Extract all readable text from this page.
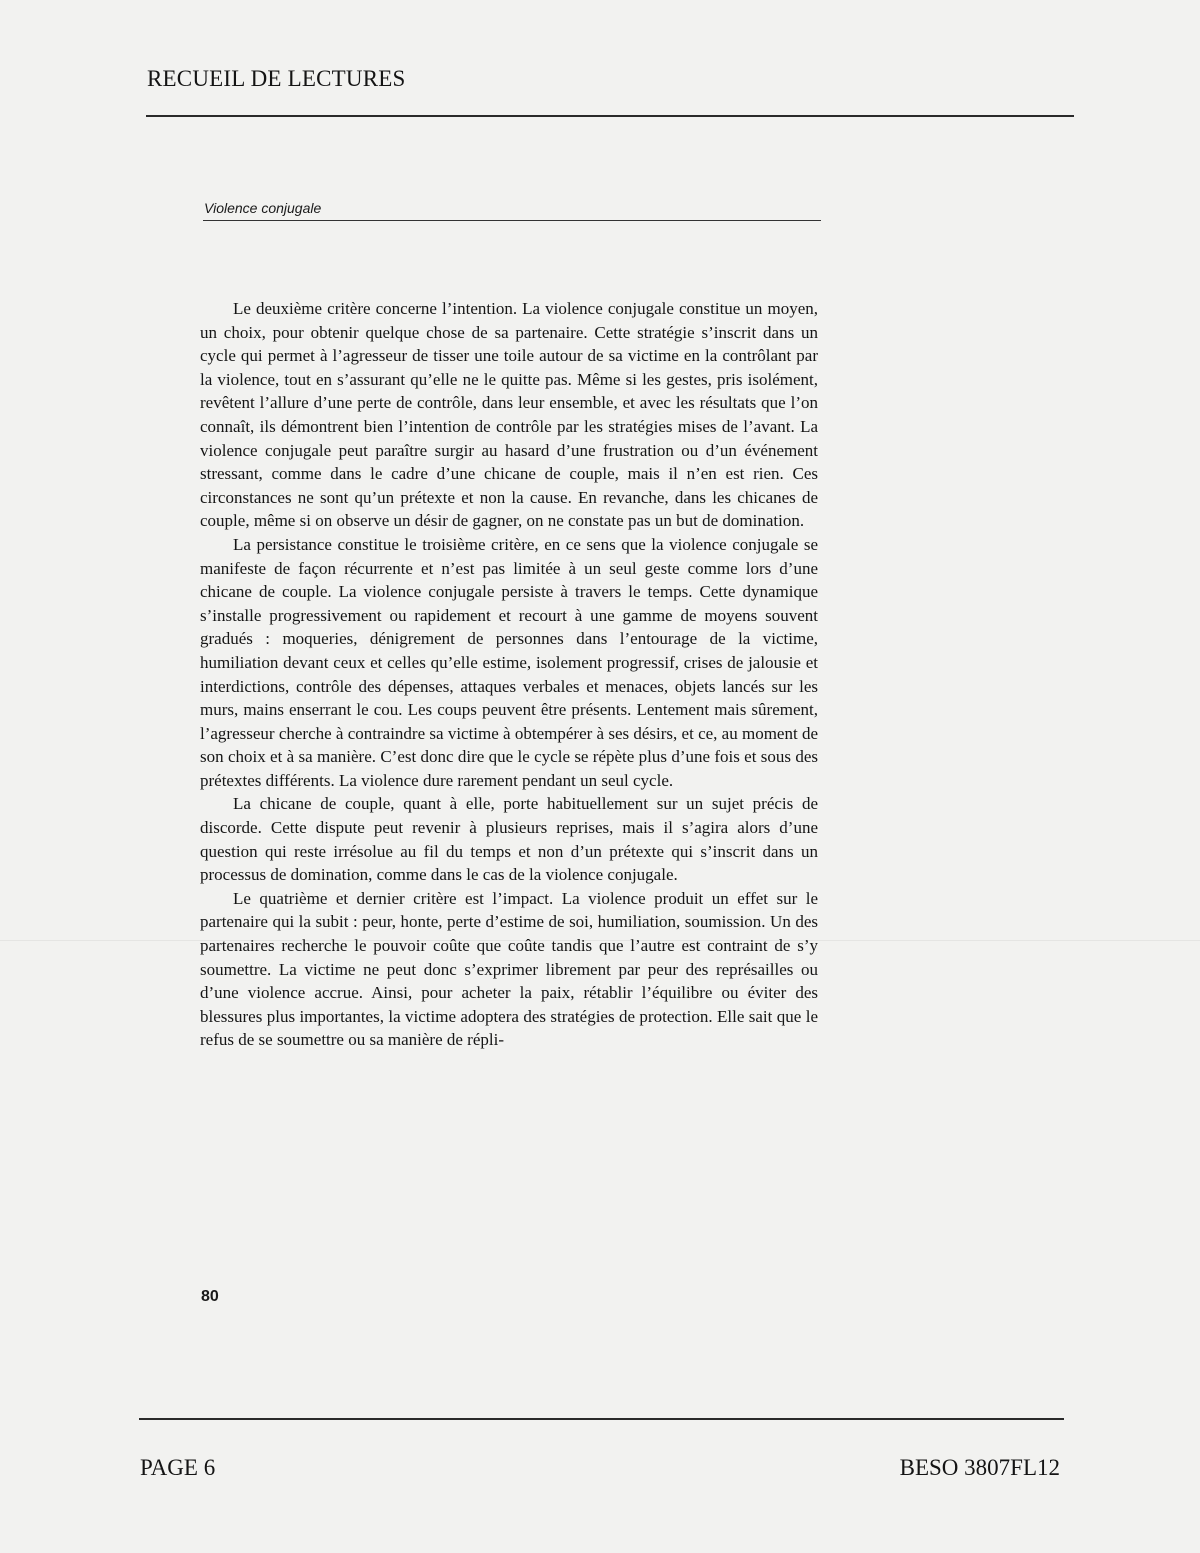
RECUEIL DE LECTURES
Violence conjugale

Le deuxième critère concerne l’intention. La violence conjugale constitue un moyen, un choix, pour obtenir quelque chose de sa partenaire. Cette stratégie s’inscrit dans un cycle qui permet à l’agresseur de tisser une toile autour de sa victime en la contrôlant par la violence, tout en s’assurant qu’elle ne le quitte pas. Même si les gestes, pris isolément, revêtent l’allure d’une perte de contrôle, dans leur ensemble, et avec les résultats que l’on connaît, ils démontrent bien l’intention de contrôle par les stratégies mises de l’avant. La violence conjugale peut paraître surgir au hasard d’une frustration ou d’un événement stressant, comme dans le cadre d’une chicane de couple, mais il n’en est rien. Ces circonstances ne sont qu’un prétexte et non la cause. En revanche, dans les chicanes de couple, même si on observe un désir de gagner, on ne constate pas un but de domination.

La persistance constitue le troisième critère, en ce sens que la violence conjugale se manifeste de façon récurrente et n’est pas limitée à un seul geste comme lors d’une chicane de couple. La violence conjugale persiste à travers le temps. Cette dynamique s’installe progressivement ou rapidement et recourt à une gamme de moyens souvent gradués : moqueries, dénigrement de personnes dans l’entourage de la victime, humiliation devant ceux et celles qu’elle estime, isolement progressif, crises de jalousie et interdictions, contrôle des dépenses, attaques verbales et menaces, objets lancés sur les murs, mains enserrant le cou. Les coups peuvent être présents. Lentement mais sûrement, l’agresseur cherche à contraindre sa victime à obtempérer à ses désirs, et ce, au moment de son choix et à sa manière. C’est donc dire que le cycle se répète plus d’une fois et sous des prétextes différents. La violence dure rarement pendant un seul cycle.

La chicane de couple, quant à elle, porte habituellement sur un sujet précis de discorde. Cette dispute peut revenir à plusieurs reprises, mais il s’agira alors d’une question qui reste irrésolue au fil du temps et non d’un prétexte qui s’inscrit dans un processus de domination, comme dans le cas de la violence conjugale.

Le quatrième et dernier critère est l’impact. La violence produit un effet sur le partenaire qui la subit : peur, honte, perte d’estime de soi, humiliation, soumission. Un des partenaires recherche le pouvoir coûte que coûte tandis que l’autre est contraint de s’y soumettre. La victime ne peut donc s’exprimer librement par peur des représailles ou d’une violence accrue. Ainsi, pour acheter la paix, rétablir l’équilibre ou éviter des blessures plus importantes, la victime adoptera des stratégies de protection. Elle sait que le refus de se soumettre ou sa manière de répli-

80
PAGE 6	BESO 3807FL12
